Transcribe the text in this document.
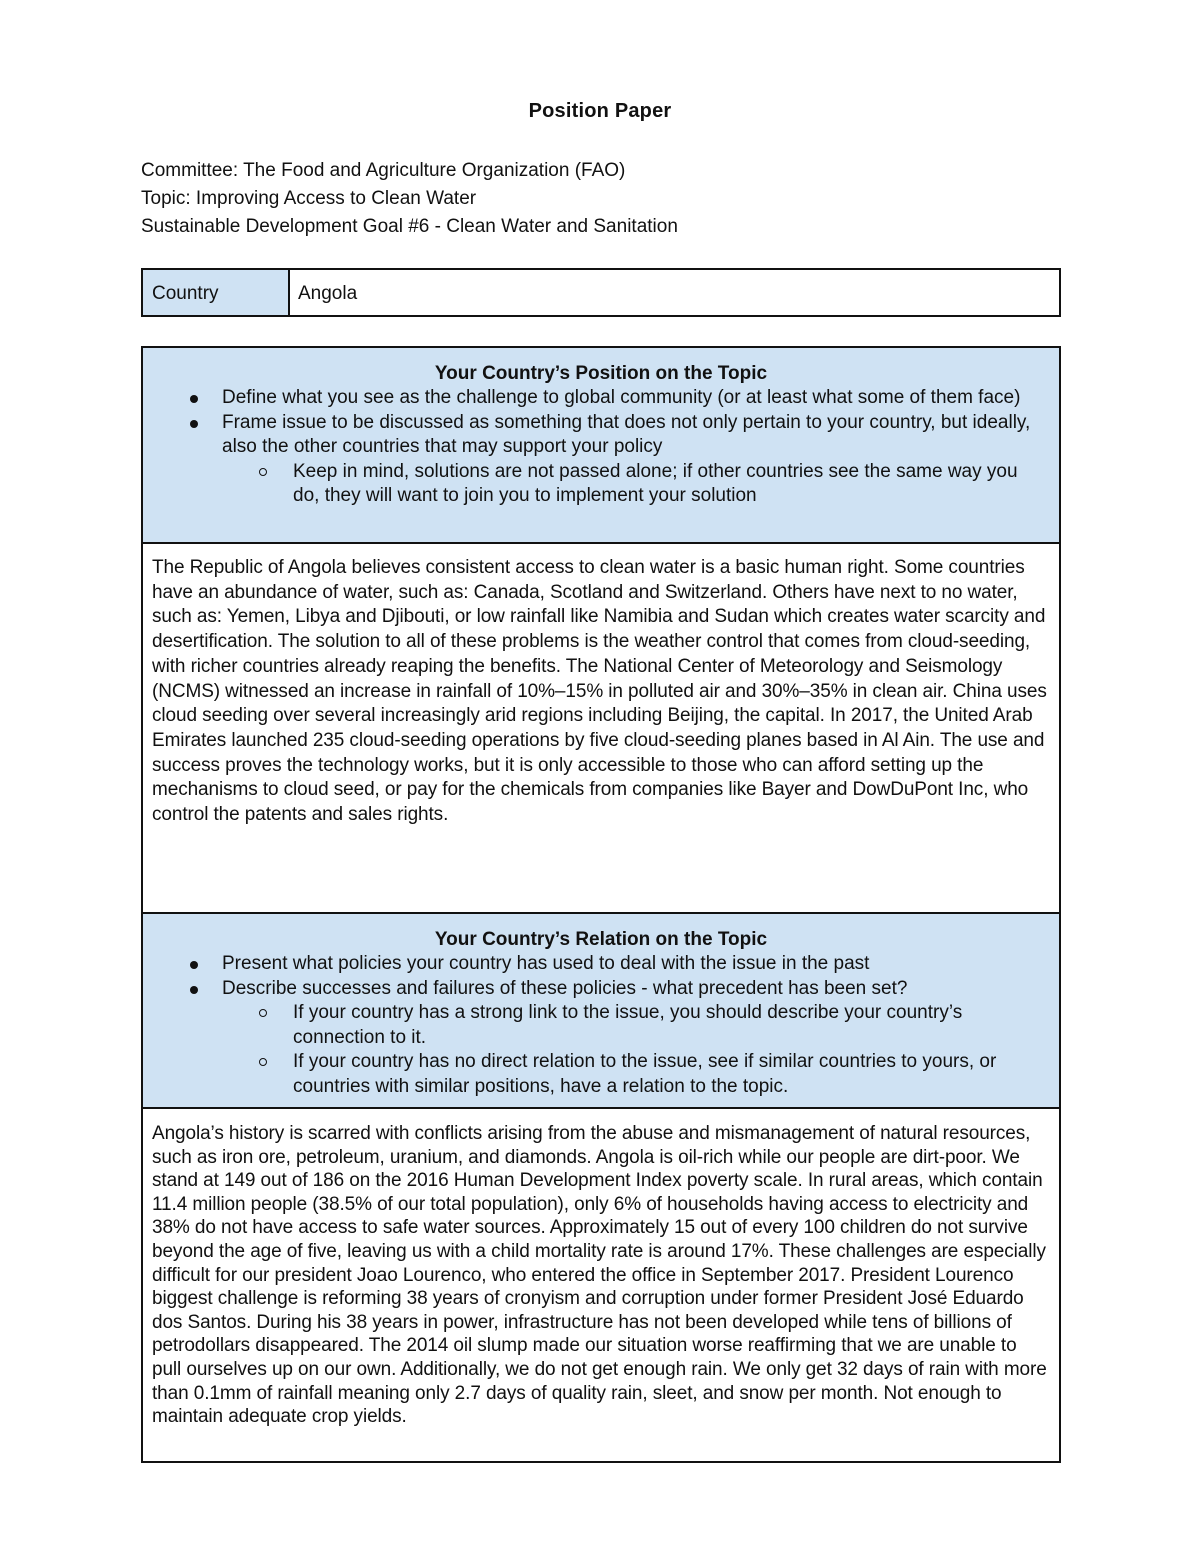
Position Paper
Committee: The Food and Agriculture Organization (FAO)
Topic: Improving Access to Clean Water
Sustainable Development Goal #6 - Clean Water and Sanitation
Country	Angola
Your Country’s Position on the Topic
Define what you see as the challenge to global community (or at least what some of them face)
Frame issue to be discussed as something that does not only pertain to your country, but ideally, also the other countries that may support your policy
Keep in mind, solutions are not passed alone; if other countries see the same way you do, they will want to join you to implement your solution
The Republic of Angola believes consistent access to clean water is a basic human right. Some countries have an abundance of water, such as: Canada, Scotland and Switzerland. Others have next to no water, such as: Yemen, Libya and Djibouti, or low rainfall like Namibia and Sudan which creates water scarcity and desertification. The solution to all of these problems is the weather control that comes from cloud-seeding, with richer countries already reaping the benefits. The National Center of Meteorology and Seismology (NCMS) witnessed an increase in rainfall of 10%–15% in polluted air and 30%–35% in clean air. China uses cloud seeding over several increasingly arid regions including Beijing, the capital. In 2017, the United Arab Emirates launched 235 cloud-seeding operations by five cloud-seeding planes based in Al Ain. The use and success proves the technology works, but it is only accessible to those who can afford setting up the mechanisms to cloud seed, or pay for the chemicals from companies like Bayer and DowDuPont Inc, who control the patents and sales rights.
Your Country’s Relation on the Topic
Present what policies your country has used to deal with the issue in the past
Describe successes and failures of these policies - what precedent has been set?
If your country has a strong link to the issue, you should describe your country’s connection to it.
If your country has no direct relation to the issue, see if similar countries to yours, or countries with similar positions, have a relation to the topic.
Angola’s history is scarred with conflicts arising from the abuse and mismanagement of natural resources, such as iron ore, petroleum, uranium, and diamonds. Angola is oil-rich while our people are dirt-poor. We stand at 149 out of 186 on the 2016 Human Development Index poverty scale. In rural areas, which contain 11.4 million people (38.5% of our total population), only 6% of households having access to electricity and 38% do not have access to safe water sources. Approximately 15 out of every 100 children do not survive beyond the age of five, leaving us with a child mortality rate is around 17%. These challenges are especially difficult for our president Joao Lourenco, who entered the office in September 2017. President Lourenco biggest challenge is reforming 38 years of cronyism and corruption under former President José Eduardo dos Santos. During his 38 years in power, infrastructure has not been developed while tens of billions of petrodollars disappeared. The 2014 oil slump made our situation worse reaffirming that we are unable to pull ourselves up on our own. Additionally, we do not get enough rain. We only get 32 days of rain with more than 0.1mm of rainfall meaning only 2.7 days of quality rain, sleet, and snow per month. Not enough to maintain adequate crop yields.
